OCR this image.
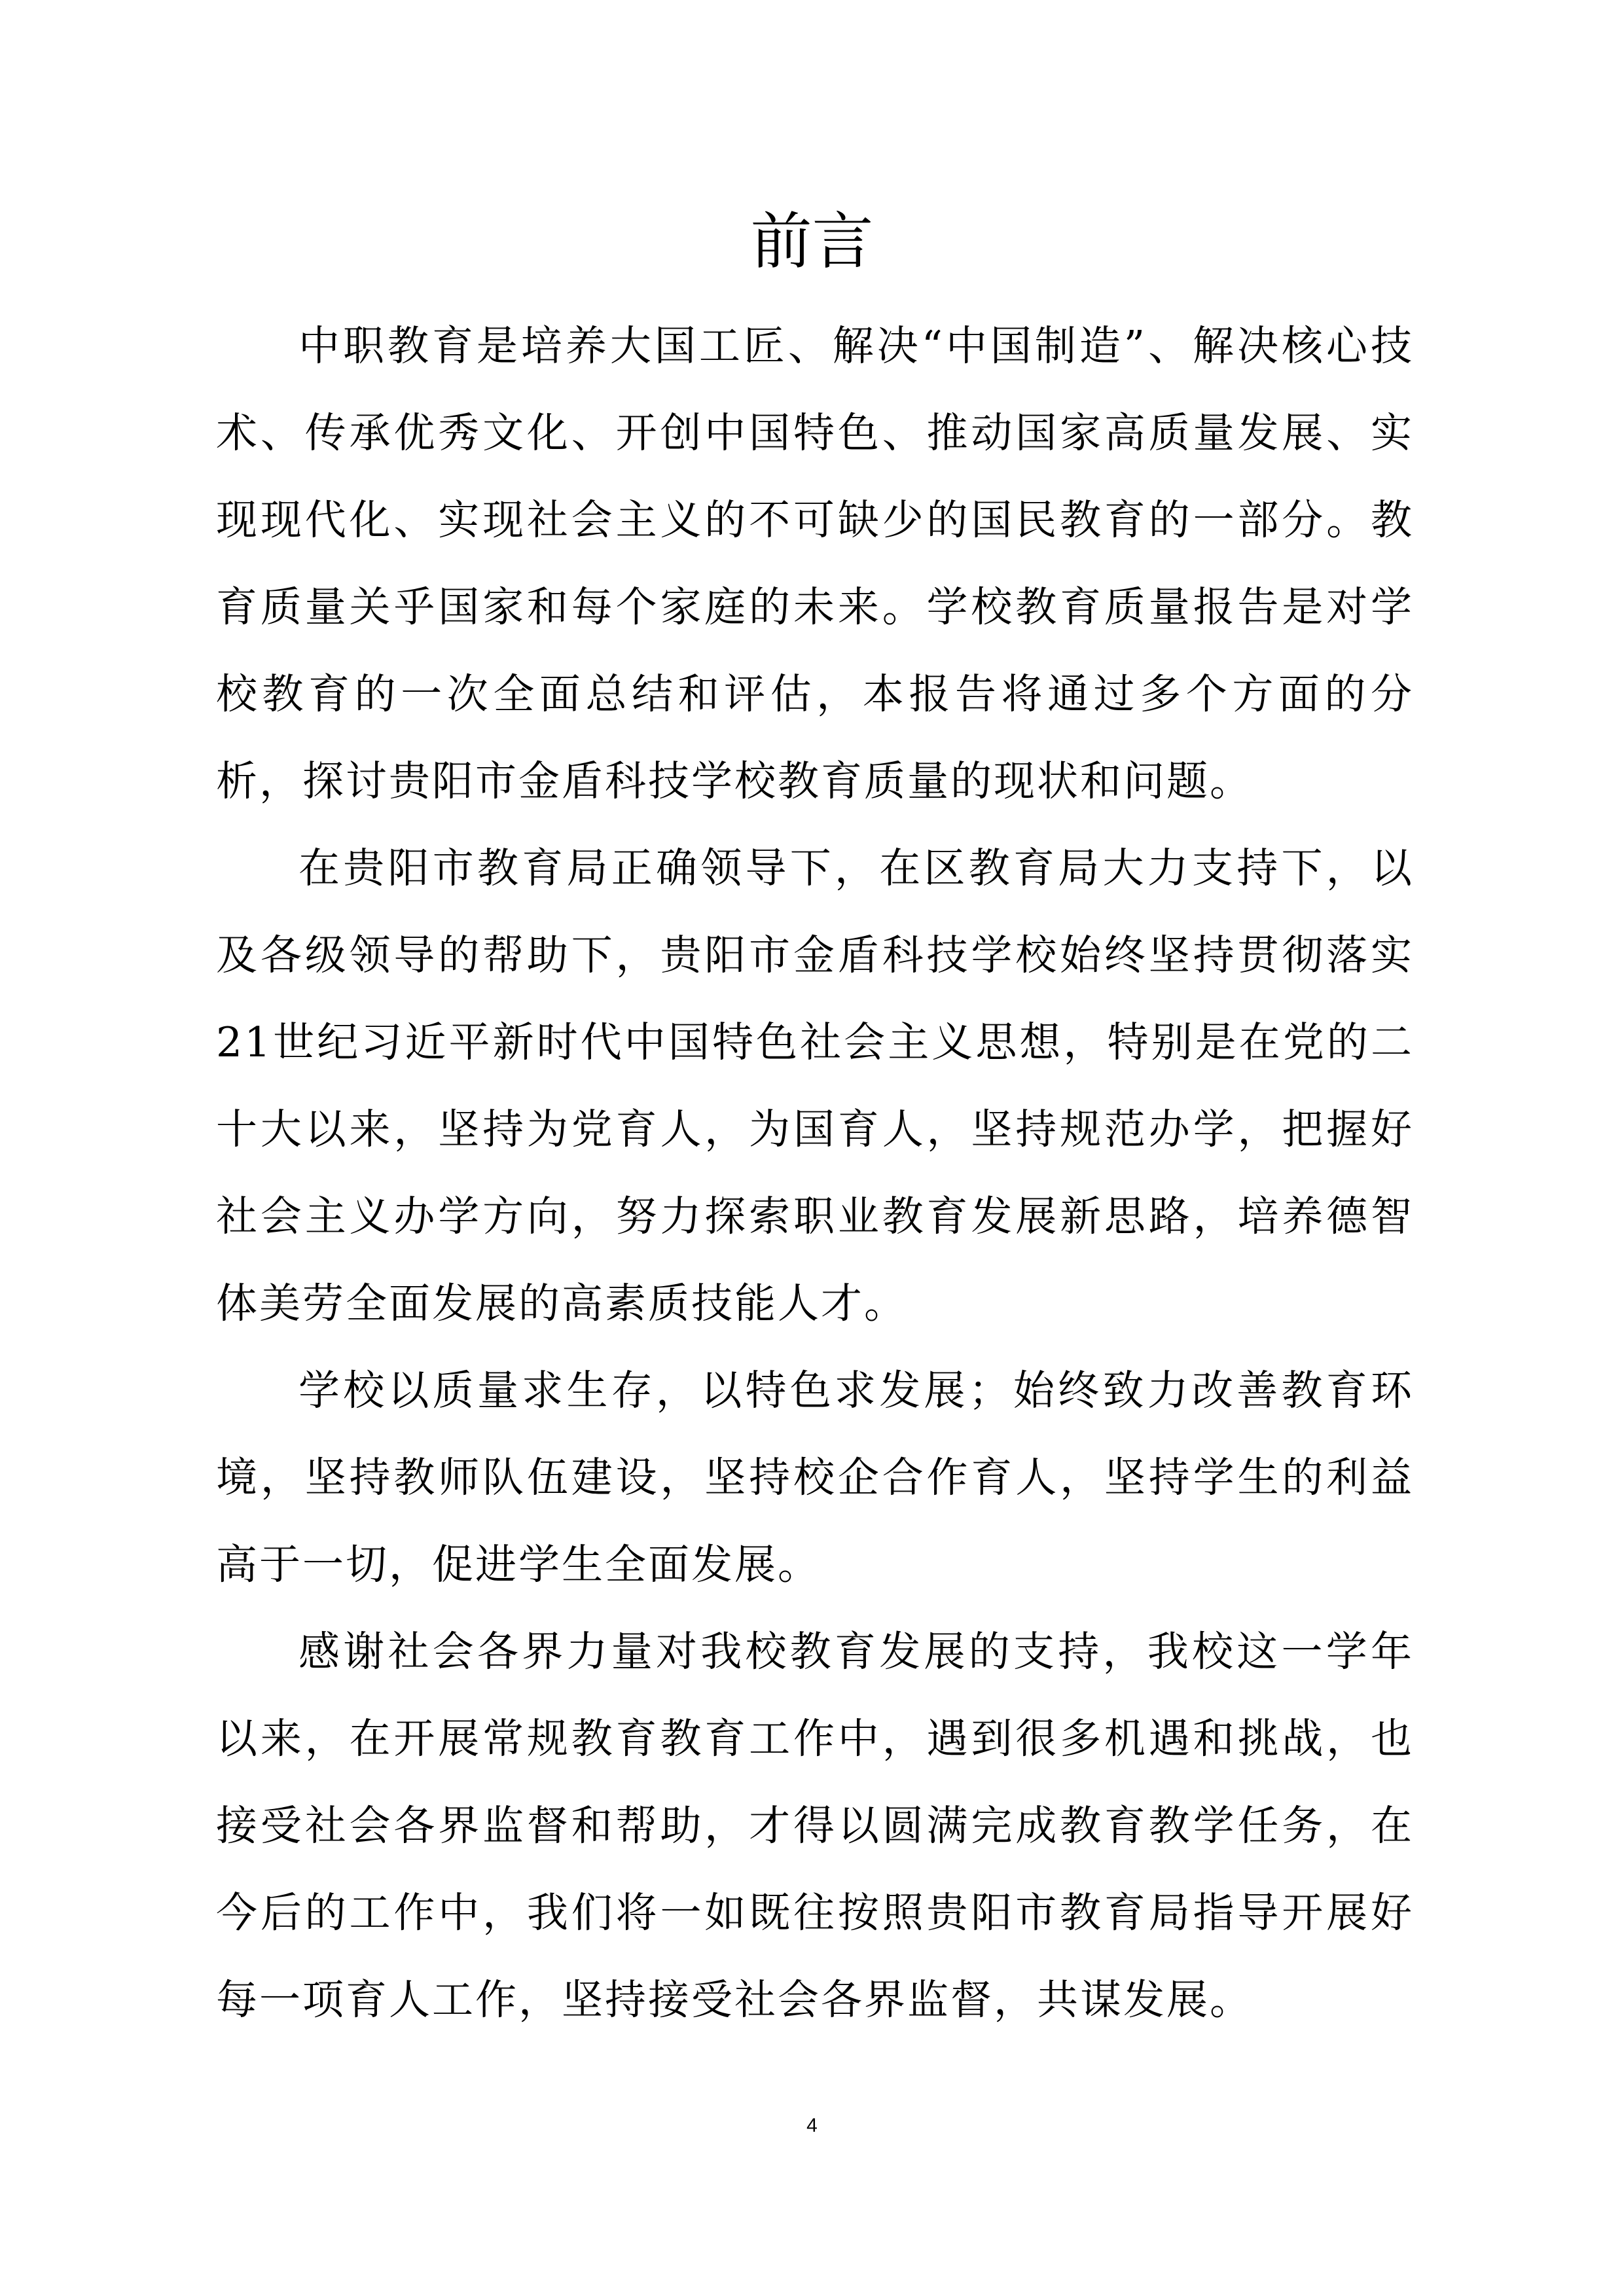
前言

中职教育是培养大国工匠、解决“中国制造”、解决核心技术、传承优秀文化、开创中国特色、推动国家高质量发展、实现现代化、实现社会主义的不可缺少的国民教育的一部分。教育质量关乎国家和每个家庭的未来。学校教育质量报告是对学校教育的一次全面总结和评估，本报告将通过多个方面的分析，探讨贵阳市金盾科技学校教育质量的现状和问题。

在贵阳市教育局正确领导下，在区教育局大力支持下，以及各级领导的帮助下，贵阳市金盾科技学校始终坚持贯彻落实21世纪习近平新时代中国特色社会主义思想，特别是在党的二十大以来，坚持为党育人，为国育人，坚持规范办学，把握好社会主义办学方向，努力探索职业教育发展新思路，培养德智体美劳全面发展的高素质技能人才。

学校以质量求生存，以特色求发展；始终致力改善教育环境，坚持教师队伍建设，坚持校企合作育人，坚持学生的利益高于一切，促进学生全面发展。

感谢社会各界力量对我校教育发展的支持，我校这一学年以来，在开展常规教育教育工作中，遇到很多机遇和挑战，也接受社会各界监督和帮助，才得以圆满完成教育教学任务，在今后的工作中，我们将一如既往按照贵阳市教育局指导开展好每一项育人工作，坚持接受社会各界监督，共谋发展。

4
